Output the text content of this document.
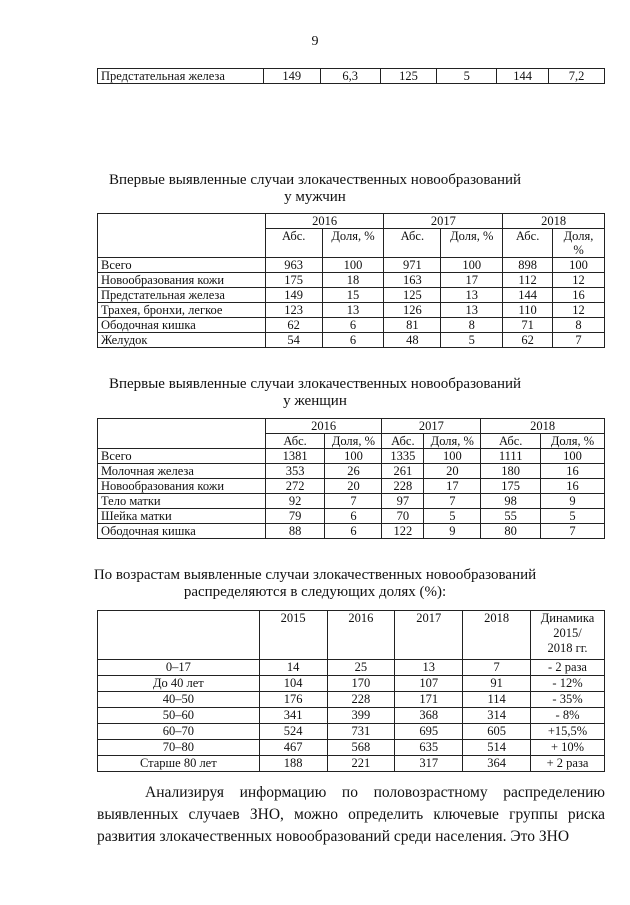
9
Предстательная железа	149	6,3	125	5	144	7,2
Впервые выявленные случаи злокачественных новообразований
у мужчин
	2016		2017		2018	
	Абс.	Доля, %	Абс.	Доля, %	Абс.	Доля,
%

Всего	963	100	971	100	898	100
Новообразования кожи	175	18	163	17	112	12
Предстательная железа	149	15	125	13	144	16
Трахея, бронхи, легкое	123	13	126	13	110	12
Ободочная кишка	62	6	81	8	71	8
Желудок	54	6	48	5	62	7
Впервые выявленные случаи злокачественных новообразований
у женщин
	2016		2017		2018	
	Абс.	Доля, %	Абс.	Доля, %	Абс.	Доля, %
Всего	1381	100	1335	100	1111	100
Молочная железа	353	26	261	20	180	16
Новообразования кожи	272	20	228	17	175	16
Тело матки	92	7	97	7	98	9
Шейка матки	79	6	70	5	55	5
Ободочная кишка	88	6	122	9	80	7
По возрастам выявленные случаи злокачественных новообразований
распределяются в следующих долях (%):
	2015	2016	2017	2018	Динамика
2015/
2018 гг.

0–17	14	25	13	7	- 2 раза
До 40 лет	104	170	107	91	- 12%
40–50	176	228	171	114	- 35%
50–60	341	399	368	314	- 8%
60–70	524	731	695	605	+15,5%
70–80	467	568	635	514	+ 10%
Старше 80 лет	188	221	317	364	+ 2 раза

Анализируя информацию по половозрастному распределению выявленных случаев ЗНО, можно определить ключевые группы риска развития злокачественных новообразований среди населения. Это ЗНО
